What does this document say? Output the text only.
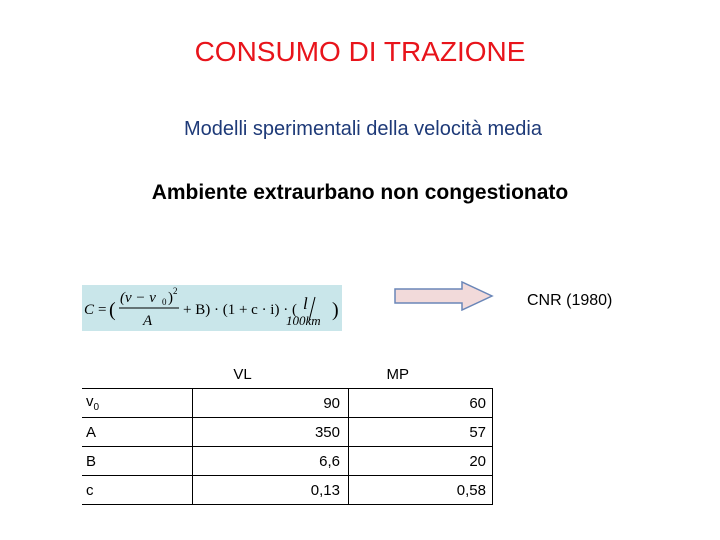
CONSUMO DI TRAZIONE
Modelli sperimentali della velocità media
Ambiente extraurbano non congestionato
C = (
(v − v 0 ) 2
A
+ B) · (1 + c · i) · ( l
100km )	CNR (1980)
	VL	MP
$v_0$	90	60
A	350	57
B	6,6	20
c	0,13	0,58
